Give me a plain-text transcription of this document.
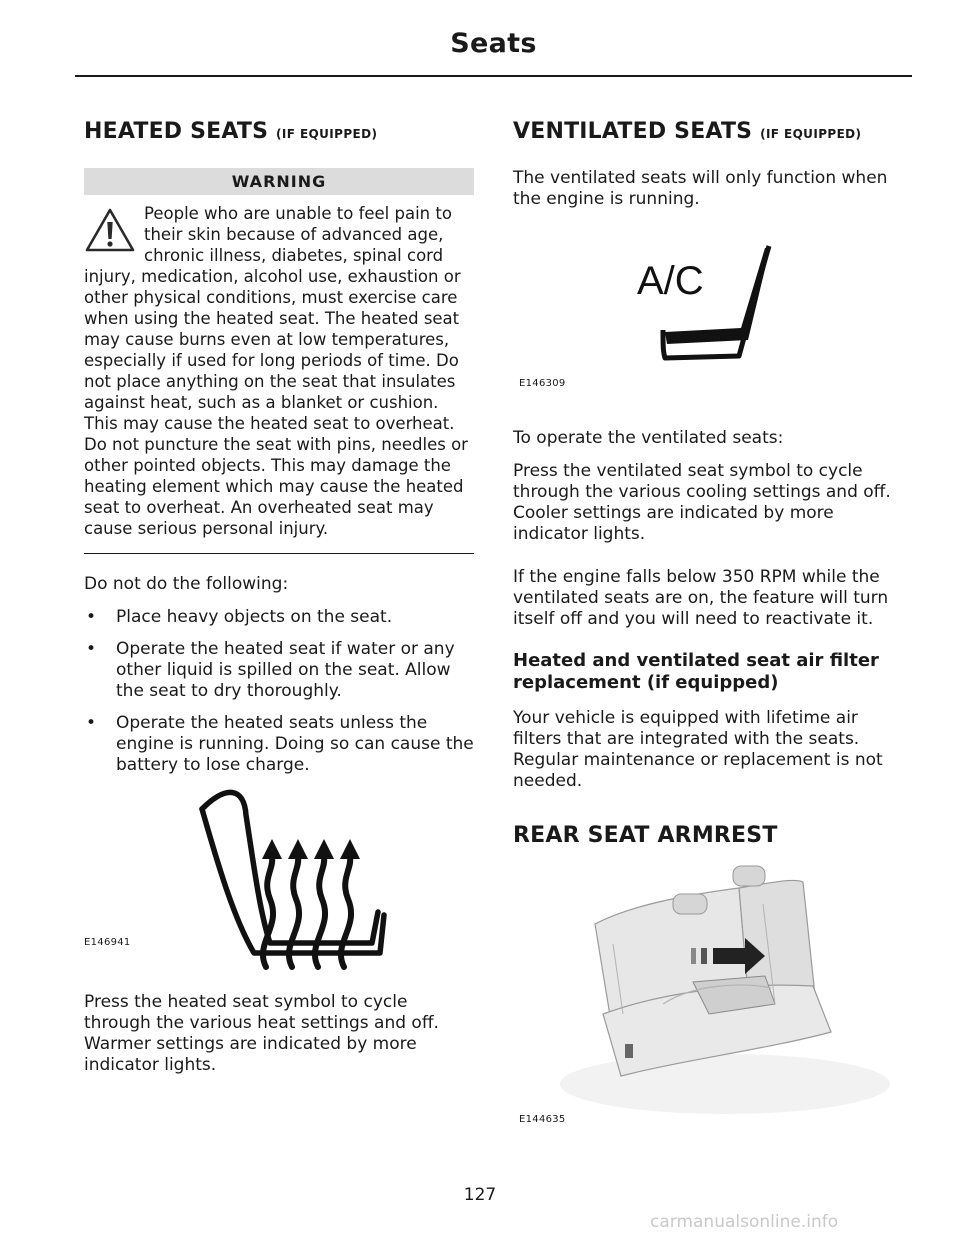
Seats
HEATED SEATS (IF EQUIPPED)
WARNING
People who are unable to feel pain to their skin because of advanced age, chronic illness, diabetes, spinal cord injury, medication, alcohol use, exhaustion or other physical conditions, must exercise care when using the heated seat. The heated seat may cause burns even at low temperatures, especially if used for long periods of time. Do not place anything on the seat that insulates against heat, such as a blanket or cushion. This may cause the heated seat to overheat. Do not puncture the seat with pins, needles or other pointed objects. This may damage the heating element which may cause the heated seat to overheat. An overheated seat may cause serious personal injury.

Do not do the following:

• Place heavy objects on the seat.
• Operate the heated seat if water or any other liquid is spilled on the seat. Allow the seat to dry thoroughly.
• Operate the heated seats unless the engine is running. Doing so can cause the battery to lose charge.
E146941

Press the heated seat symbol to cycle through the various heat settings and off. Warmer settings are indicated by more indicator lights.

VENTILATED SEATS (IF EQUIPPED)

The ventilated seats will only function when the engine is running.

A/C
E146309

To operate the ventilated seats:

Press the ventilated seat symbol to cycle through the various cooling settings and off. Cooler settings are indicated by more indicator lights.

If the engine falls below 350 RPM while the ventilated seats are on, the feature will turn itself off and you will need to reactivate it.

Heated and ventilated seat air filter replacement (if equipped)

Your vehicle is equipped with lifetime air filters that are integrated with the seats. Regular maintenance or replacement is not needed.

REAR SEAT ARMREST
E144635
127
carmanualsonline.info
